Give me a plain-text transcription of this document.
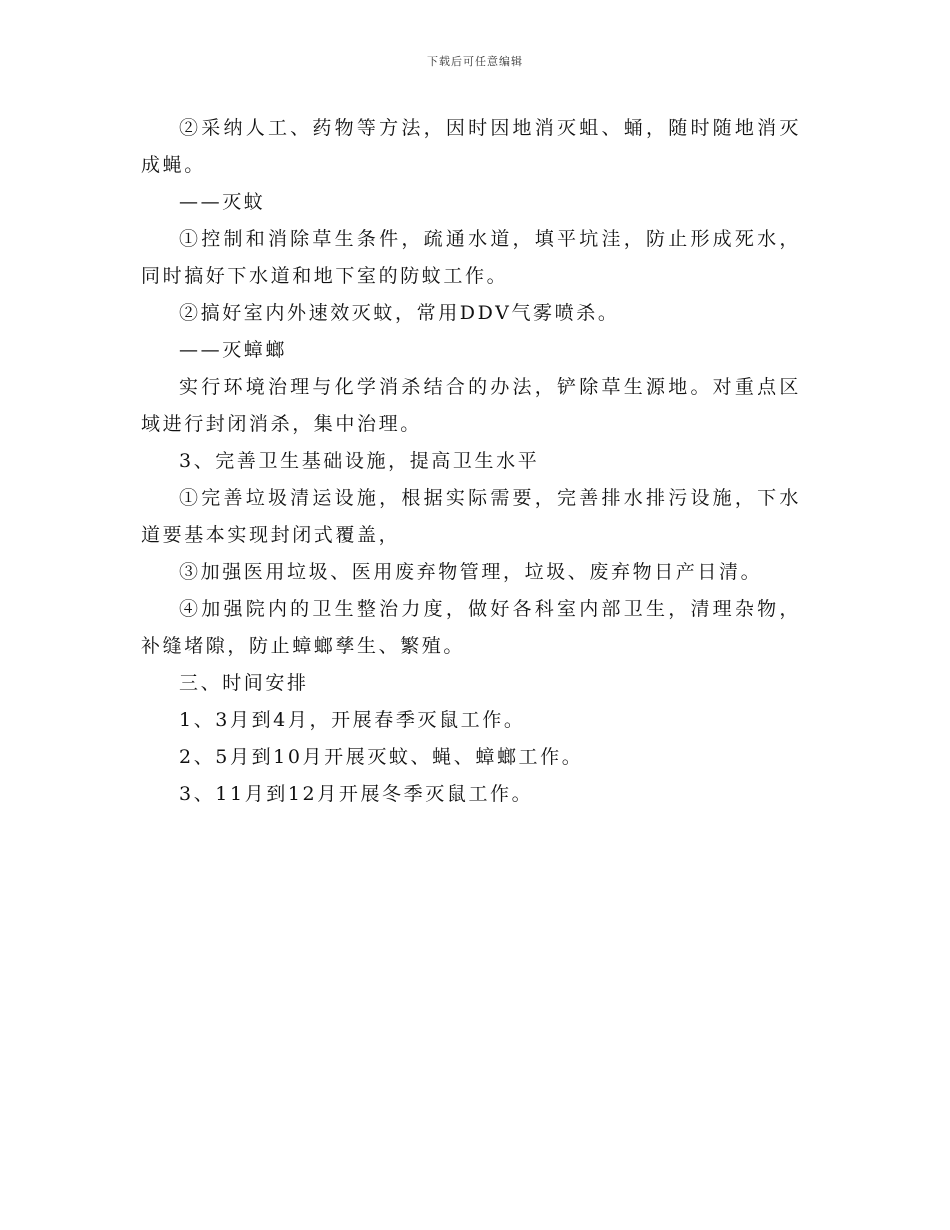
下载后可任意编辑

②采纳人工、药物等方法，因时因地消灭蛆、蛹，随时随地消灭成蝇。

——灭蚊

①控制和消除草生条件，疏通水道，填平坑洼，防止形成死水，同时搞好下水道和地下室的防蚊工作。

②搞好室内外速效灭蚊，常用DDV气雾喷杀。

——灭蟑螂

实行环境治理与化学消杀结合的办法，铲除草生源地。对重点区域进行封闭消杀，集中治理。

3、完善卫生基础设施，提高卫生水平

①完善垃圾清运设施，根据实际需要，完善排水排污设施，下水道要基本实现封闭式覆盖，

③加强医用垃圾、医用废弃物管理，垃圾、废弃物日产日清。

④加强院内的卫生整治力度，做好各科室内部卫生，清理杂物，补缝堵隙，防止蟑螂孳生、繁殖。

三、时间安排

1、3月到4月，开展春季灭鼠工作。

2、5月到10月开展灭蚊、蝇、蟑螂工作。

3、11月到12月开展冬季灭鼠工作。
